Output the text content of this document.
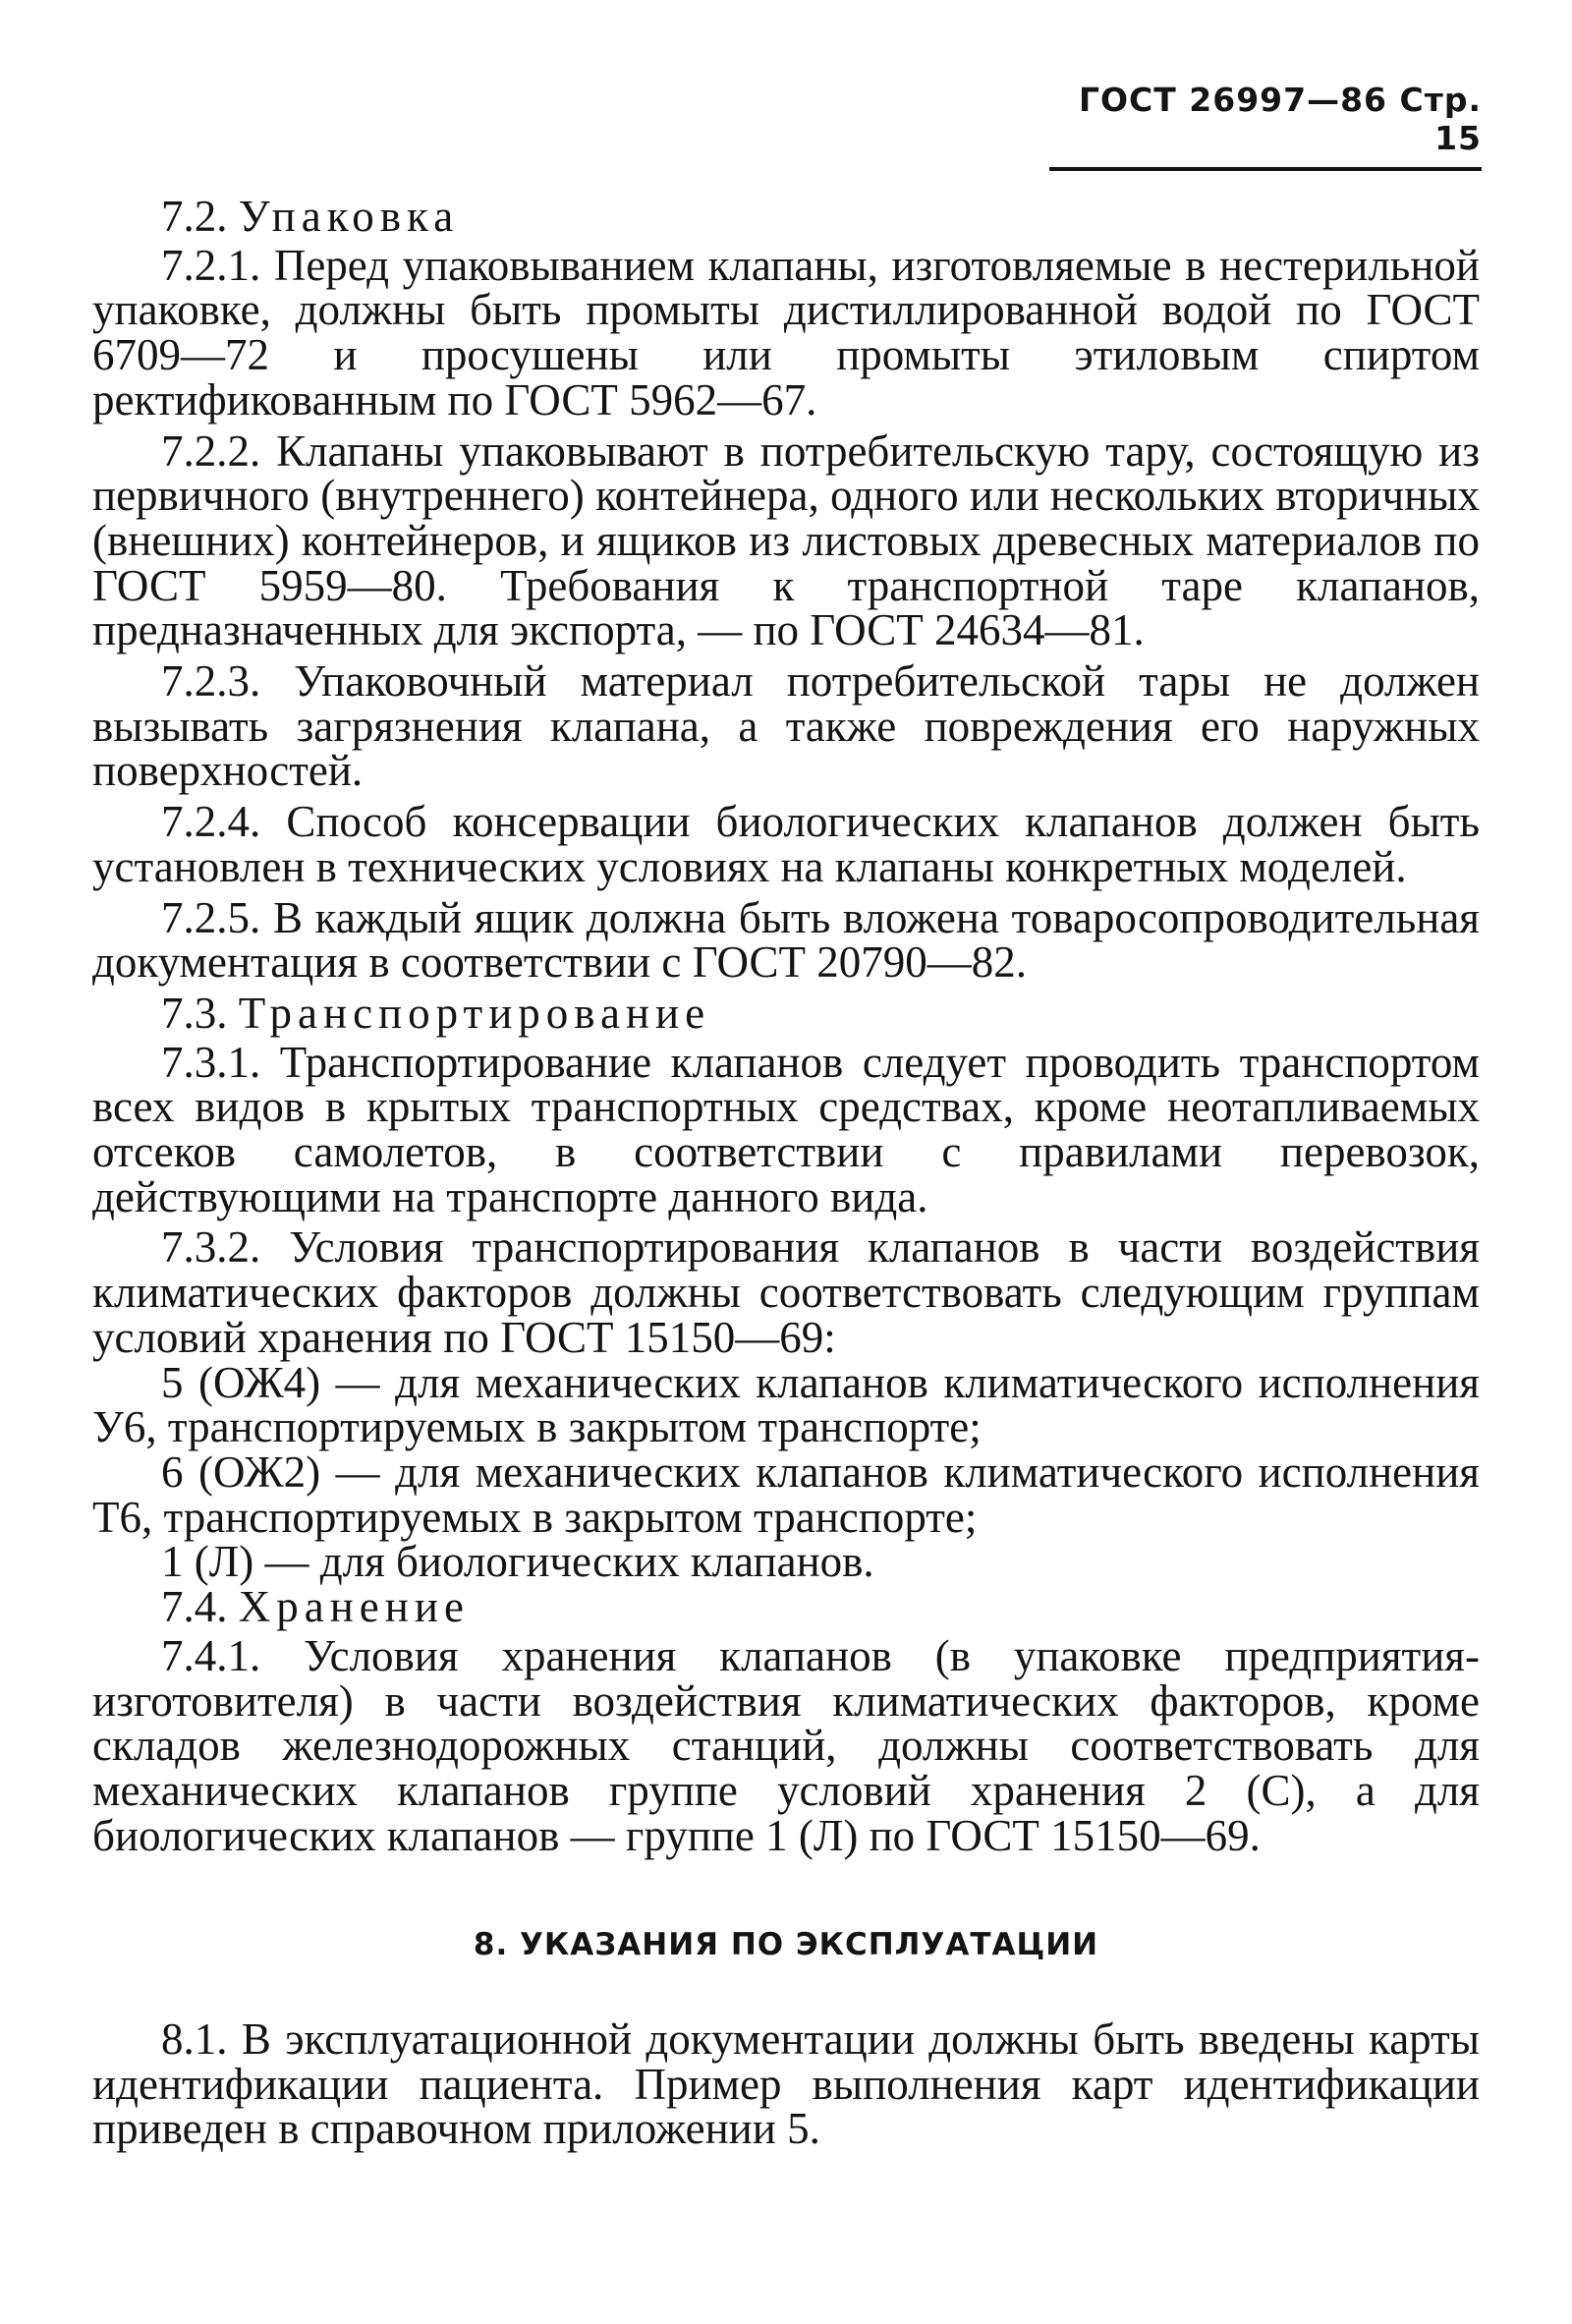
ГОСТ 26997—86 Стр. 15
7.2. Упаковка

7.2.1. Перед упаковыванием клапаны, изготовляемые в нестерильной упаковке, должны быть промыты дистиллированной водой по ГОСТ 6709—72 и просушены или промыты этиловым спиртом ректификованным по ГОСТ 5962—67.

7.2.2. Клапаны упаковывают в потребительскую тару, состоящую из первичного (внутреннего) контейнера, одного или нескольких вторичных (внешних) контейнеров, и ящиков из листовых древесных материалов по ГОСТ 5959—80. Требования к транспортной таре клапанов, предназначенных для экспорта, — по ГОСТ 24634—81.

7.2.3. Упаковочный материал потребительской тары не должен вызывать загрязнения клапана, а также повреждения его наружных поверхностей.

7.2.4. Способ консервации биологических клапанов должен быть установлен в технических условиях на клапаны конкретных моделей.

7.2.5. В каждый ящик должна быть вложена товаросопроводительная документация в соответствии с ГОСТ 20790—82.

7.3. Транспортирование

7.3.1. Транспортирование клапанов следует проводить транспортом всех видов в крытых транспортных средствах, кроме неотапливаемых отсеков самолетов, в соответствии с правилами перевозок, действующими на транспорте данного вида.

7.3.2. Условия транспортирования клапанов в части воздействия климатических факторов должны соответствовать следующим группам условий хранения по ГОСТ 15150—69:

5 (ОЖ4) — для механических клапанов климатического исполнения У6, транспортируемых в закрытом транспорте;

6 (ОЖ2) — для механических клапанов климатического исполнения Т6, транспортируемых в закрытом транспорте;

1 (Л) — для биологических клапанов.

7.4. Хранение

7.4.1. Условия хранения клапанов (в упаковке предприятия-изготовителя) в части воздействия климатических факторов, кроме складов железнодорожных станций, должны соответствовать для механических клапанов группе условий хранения 2 (С), а для биологических клапанов — группе 1 (Л) по ГОСТ 15150—69.

8. УКАЗАНИЯ ПО ЭКСПЛУАТАЦИИ

8.1. В эксплуатационной документации должны быть введены карты идентификации пациента. Пример выполнения карт идентификации приведен в справочном приложении 5.
